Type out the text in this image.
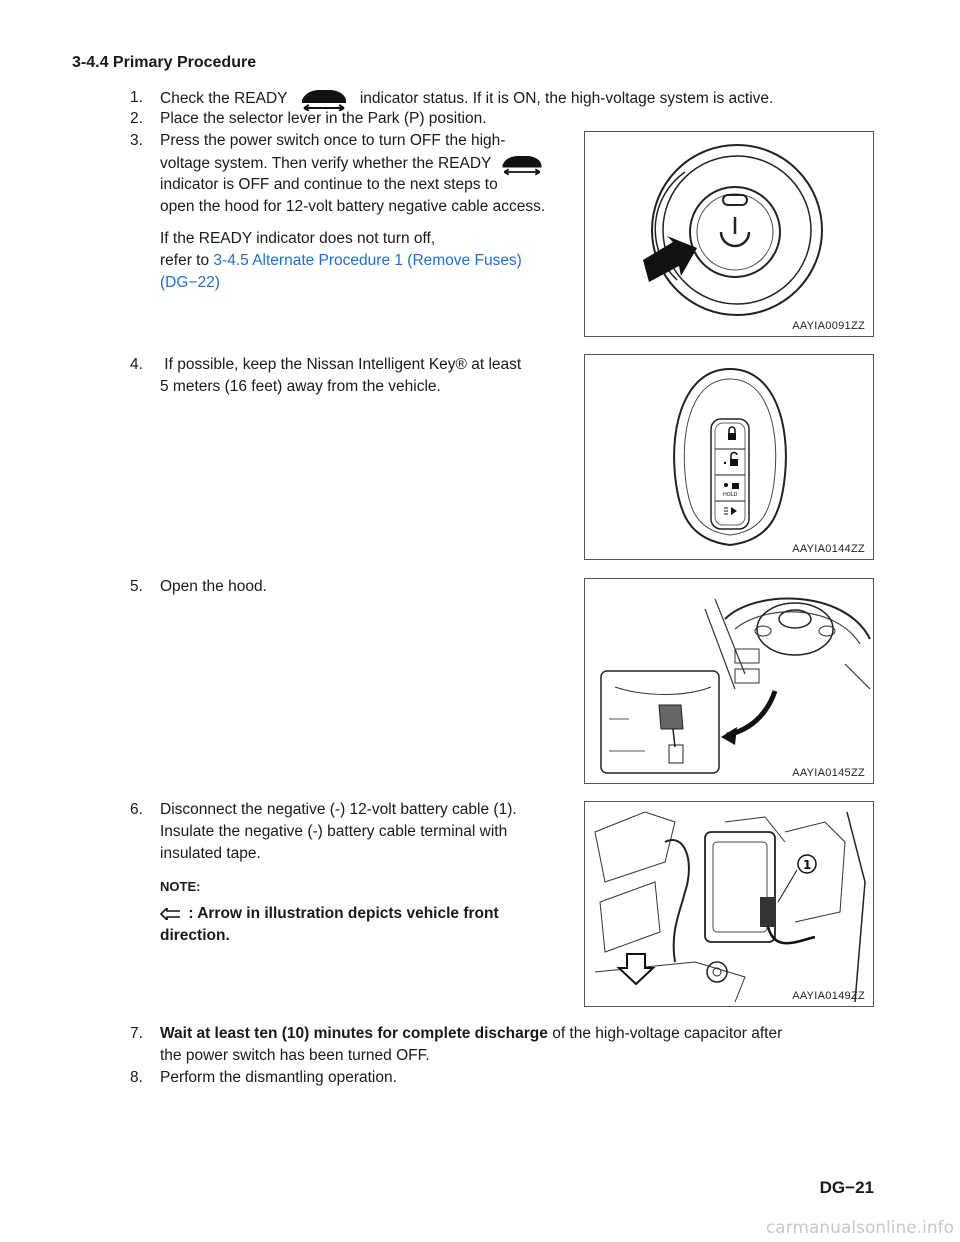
3-4.4 Primary Procedure
1.	Check the READY	indicator status. If it is ON, the high-voltage system is active.
2.	Place the selector lever in the Park (P) position.
3.	Press the power switch once to turn OFF the high-
voltage system. Then verify whether the READY
indicator is OFF and continue to the next steps to
open the hood for 12-volt battery negative cable access.
If the READY indicator does not turn off,
refer to 3-4.5 Alternate Procedure 1 (Remove Fuses)
(DG−22)
4.	If possible, keep the Nissan Intelligent Key® at least
5 meters (16 feet) away from the vehicle.
5.	Open the hood.
6.	Disconnect the negative (-) 12-volt battery cable (1).
Insulate the negative (-) battery cable terminal with
insulated tape.
NOTE:
: Arrow in illustration depicts vehicle front
direction.
7.	Wait at least ten (10) minutes for complete discharge of the high-voltage capacitor after
the power switch has been turned OFF.
8.	Perform the dismantling operation.
AAYIA0091ZZ
HOLD
AAYIA0144ZZ
AAYIA0145ZZ
1
AAYIA0149ZZ
DG−21
carmanualsonline.info
